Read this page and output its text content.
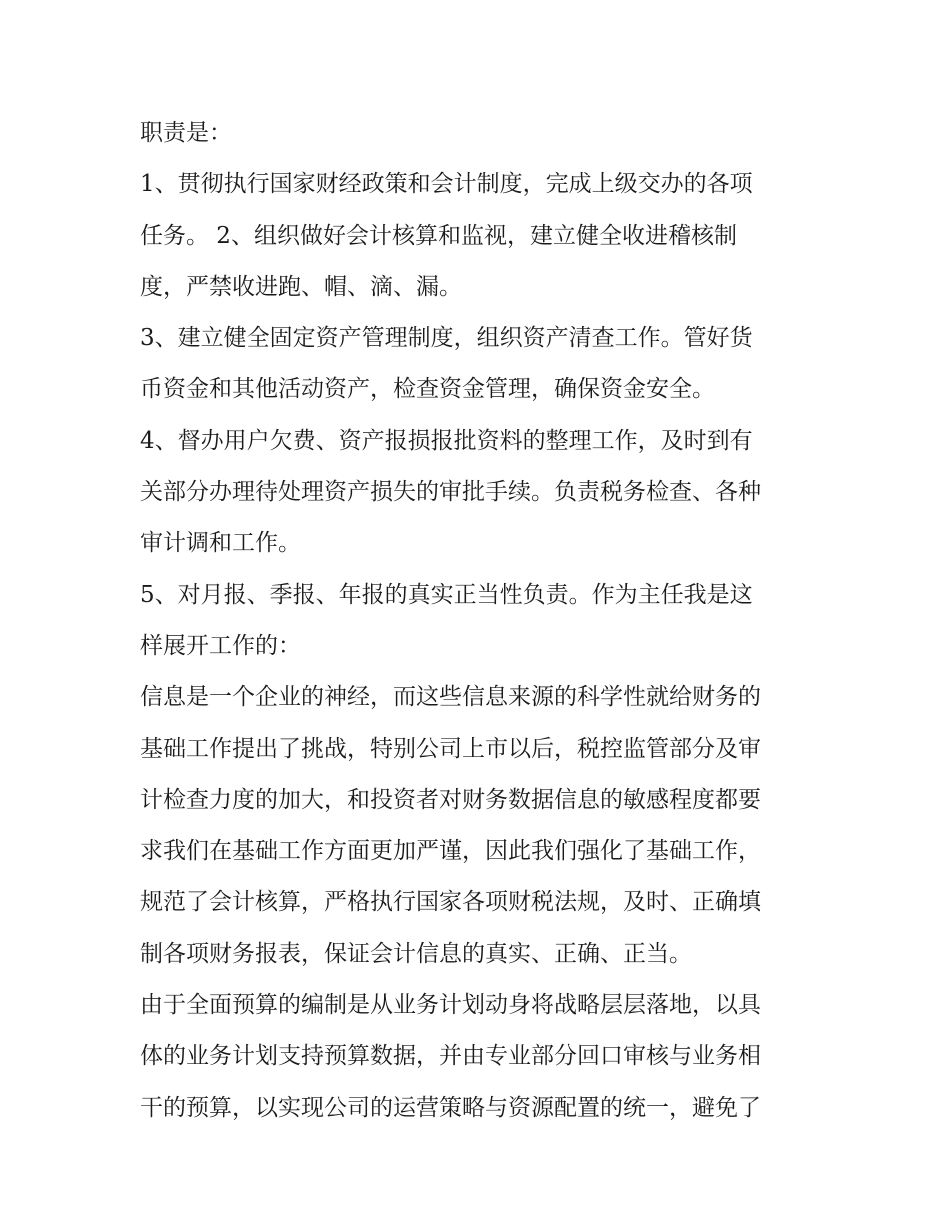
职责是：
1、贯彻执行国家财经政策和会计制度，完成上级交办的各项
任务。 2、组织做好会计核算和监视，建立健全收进稽核制
度，严禁收进跑、帽、滴、漏。
3、建立健全固定资产管理制度，组织资产清查工作。管好货
币资金和其他活动资产，检查资金管理，确保资金安全。
4、督办用户欠费、资产报损报批资料的整理工作，及时到有
关部分办理待处理资产损失的审批手续。负责税务检查、各种
审计调和工作。
5、对月报、季报、年报的真实正当性负责。作为主任我是这
样展开工作的：
信息是一个企业的神经，而这些信息来源的科学性就给财务的
基础工作提出了挑战，特别公司上市以后，税控监管部分及审
计检查力度的加大，和投资者对财务数据信息的敏感程度都要
求我们在基础工作方面更加严谨，因此我们强化了基础工作，
规范了会计核算，严格执行国家各项财税法规，及时、正确填
制各项财务报表，保证会计信息的真实、正确、正当。
由于全面预算的编制是从业务计划动身将战略层层落地，以具
体的业务计划支持预算数据，并由专业部分回口审核与业务相
干的预算，以实现公司的运营策略与资源配置的统一，避免了
